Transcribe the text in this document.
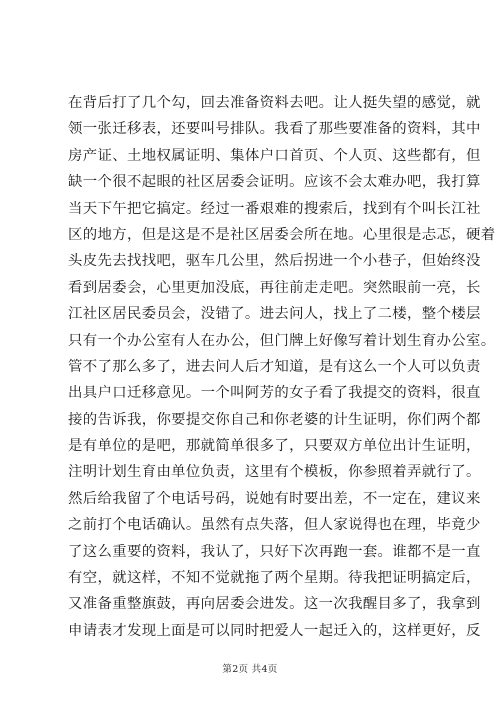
在背后打了几个勾，回去准备资料去吧。让人挺失望的感觉，就
领一张迁移表，还要叫号排队。我看了那些要准备的资料，其中
房产证、土地权属证明、集体户口首页、个人页、这些都有，但
缺一个很不起眼的社区居委会证明。应该不会太难办吧，我打算
当天下午把它搞定。经过一番艰难的搜索后，找到有个叫长江社
区的地方，但是这是不是社区居委会所在地。心里很是忐忑，硬着
头皮先去找找吧，驱车几公里，然后拐进一个小巷子，但始终没
看到居委会，心里更加没底，再往前走走吧。突然眼前一亮，长
江社区居民委员会，没错了。进去问人，找上了二楼，整个楼层
只有一个办公室有人在办公，但门牌上好像写着计划生育办公室。
管不了那么多了，进去问人后才知道，是有这么一个人可以负责
出具户口迁移意见。一个叫阿芳的女子看了我提交的资料，很直
接的告诉我，你要提交你自己和你老婆的计生证明，你们两个都
是有单位的是吧，那就简单很多了，只要双方单位出计生证明，
注明计划生育由单位负责，这里有个模板，你参照着弄就行了。
然后给我留了个电话号码，说她有时要出差，不一定在，建议来
之前打个电话确认。虽然有点失落，但人家说得也在理，毕竟少
了这么重要的资料，我认了，只好下次再跑一套。谁都不是一直
有空，就这样，不知不觉就拖了两个星期。待我把证明搞定后，
又准备重整旗鼓，再向居委会进发。这一次我醒目多了，我拿到
申请表才发现上面是可以同时把爱人一起迁入的，这样更好，反
第2页 共4页
